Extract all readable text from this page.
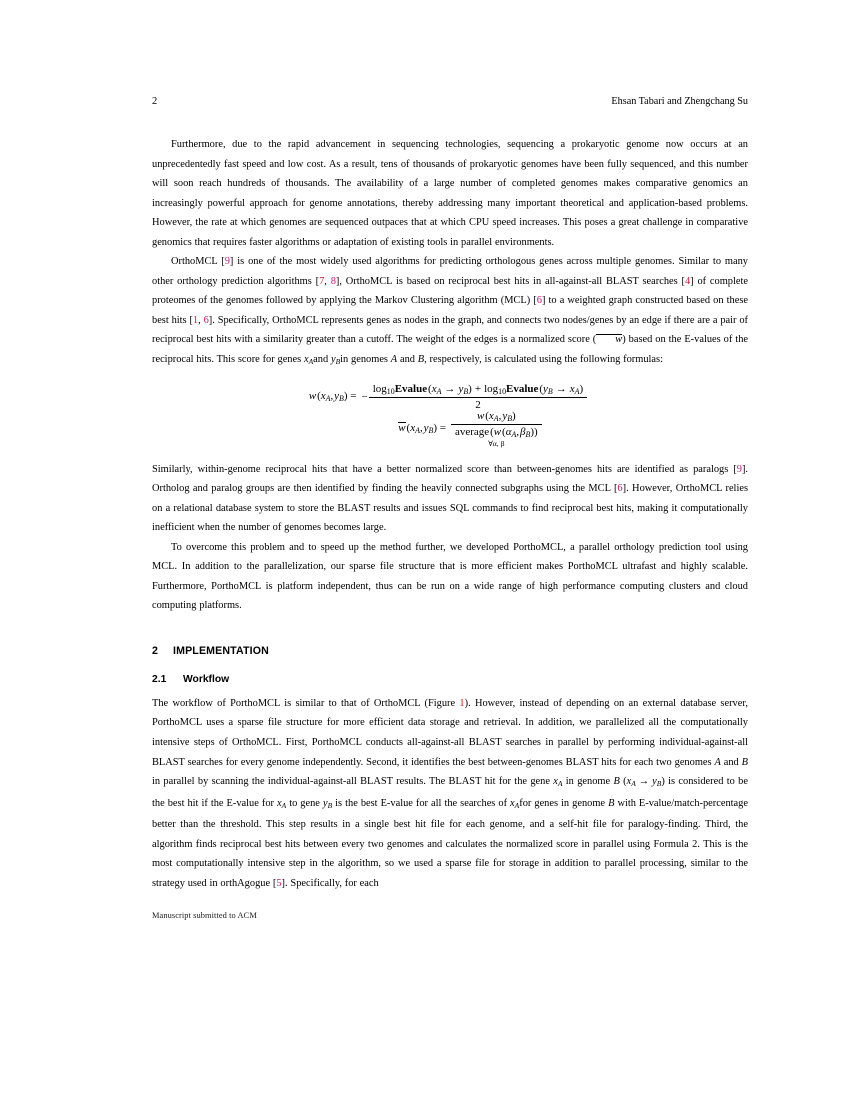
2	Ehsan Tabari and Zhengchang Su

Furthermore, due to the rapid advancement in sequencing technologies, sequencing a prokaryotic genome now occurs at an unprecedentedly fast speed and low cost. As a result, tens of thousands of prokaryotic genomes have been fully sequenced, and this number will soon reach hundreds of thousands. The availability of a large number of completed genomes makes comparative genomics an increasingly powerful approach for genome annotations, thereby addressing many important theoretical and application-based problems. However, the rate at which genomes are sequenced outpaces that at which CPU speed increases. This poses a great challenge in comparative genomics that requires faster algorithms or adaptation of existing tools in parallel environments.

OrthoMCL [9] is one of the most widely used algorithms for predicting orthologous genes across multiple genomes. Similar to many other orthology prediction algorithms [7, 8], OrthoMCL is based on reciprocal best hits in all-against-all BLAST searches [4] of complete proteomes of the genomes followed by applying the Markov Clustering algorithm (MCL) [6] to a weighted graph constructed based on these best hits [1, 6]. Specifically, OrthoMCL represents genes as nodes in the graph, and connects two nodes/genes by an edge if there are a pair of reciprocal best hits with a similarity greater than a cutoff. The weight of the edges is a normalized score ( w) based on the E-values of the reciprocal hits. This score for genes $x_Aand$ $y_Bin$ genomes A and B, respectively, is calculated using the following formulas:

w ($x_A$, $y_B$) = − $\frac{\log_{10}Evalue (x_A \to y_B) + \log_{10}Evalue (y_B \to x_A)}{2}$
w ($x_A$, $y_B) = w$ ($x_A$, $y_B$)
average (w ($\alpha_A$, $\beta_B$))
∀α, β

Similarly, within-genome reciprocal hits that have a better normalized score than between-genomes hits are identified as paralogs [9]. Ortholog and paralog groups are then identified by finding the heavily connected subgraphs using the MCL [6]. However, OrthoMCL relies on a relational database system to store the BLAST results and issues SQL commands to find reciprocal best hits, making it computationally inefficient when the number of genomes becomes large.

To overcome this problem and to speed up the method further, we developed PorthoMCL, a parallel orthology prediction tool using MCL. In addition to the parallelization, our sparse file structure that is more efficient makes PorthoMCL ultrafast and highly scalable. Furthermore, PorthoMCL is platform independent, thus can be run on a wide range of high performance computing clusters and cloud computing platforms.

2 IMPLEMENTATION
2.1 Workflow

The workflow of PorthoMCL is similar to that of OrthoMCL (Figure 1). However, instead of depending on an external database server, PorthoMCL uses a sparse file structure for more efficient data storage and retrieval. In addition, we parallelized all the computationally intensive steps of OrthoMCL. First, PorthoMCL conducts all-against-all BLAST searches in parallel by performing individual-against-all BLAST searches for every genome independently. Second, it identifies the best between-genomes BLAST hits for each two genomes A and B in parallel by scanning the individual-against-all BLAST results. The BLAST hit for the gene $x_A$ in genome B $(x_A \to y_B)$ is considered to be the best hit if the E-value for $x_A$ to gene $y_B$ is the best E-value for all the searches of $x_Afor$ genes in genome B with E-value/match-percentage better than the threshold. This step results in a single best hit file for each genome, and a self-hit file for paralogy-finding. Third, the algorithm finds reciprocal best hits between every two genomes and calculates the normalized score in parallel using Formula 2. This is the most computationally intensive step in the algorithm, so we used a sparse file for storage in addition to parallel processing, similar to the strategy used in orthAgogue [5]. Specifically, for each

Manuscript submitted to ACM
